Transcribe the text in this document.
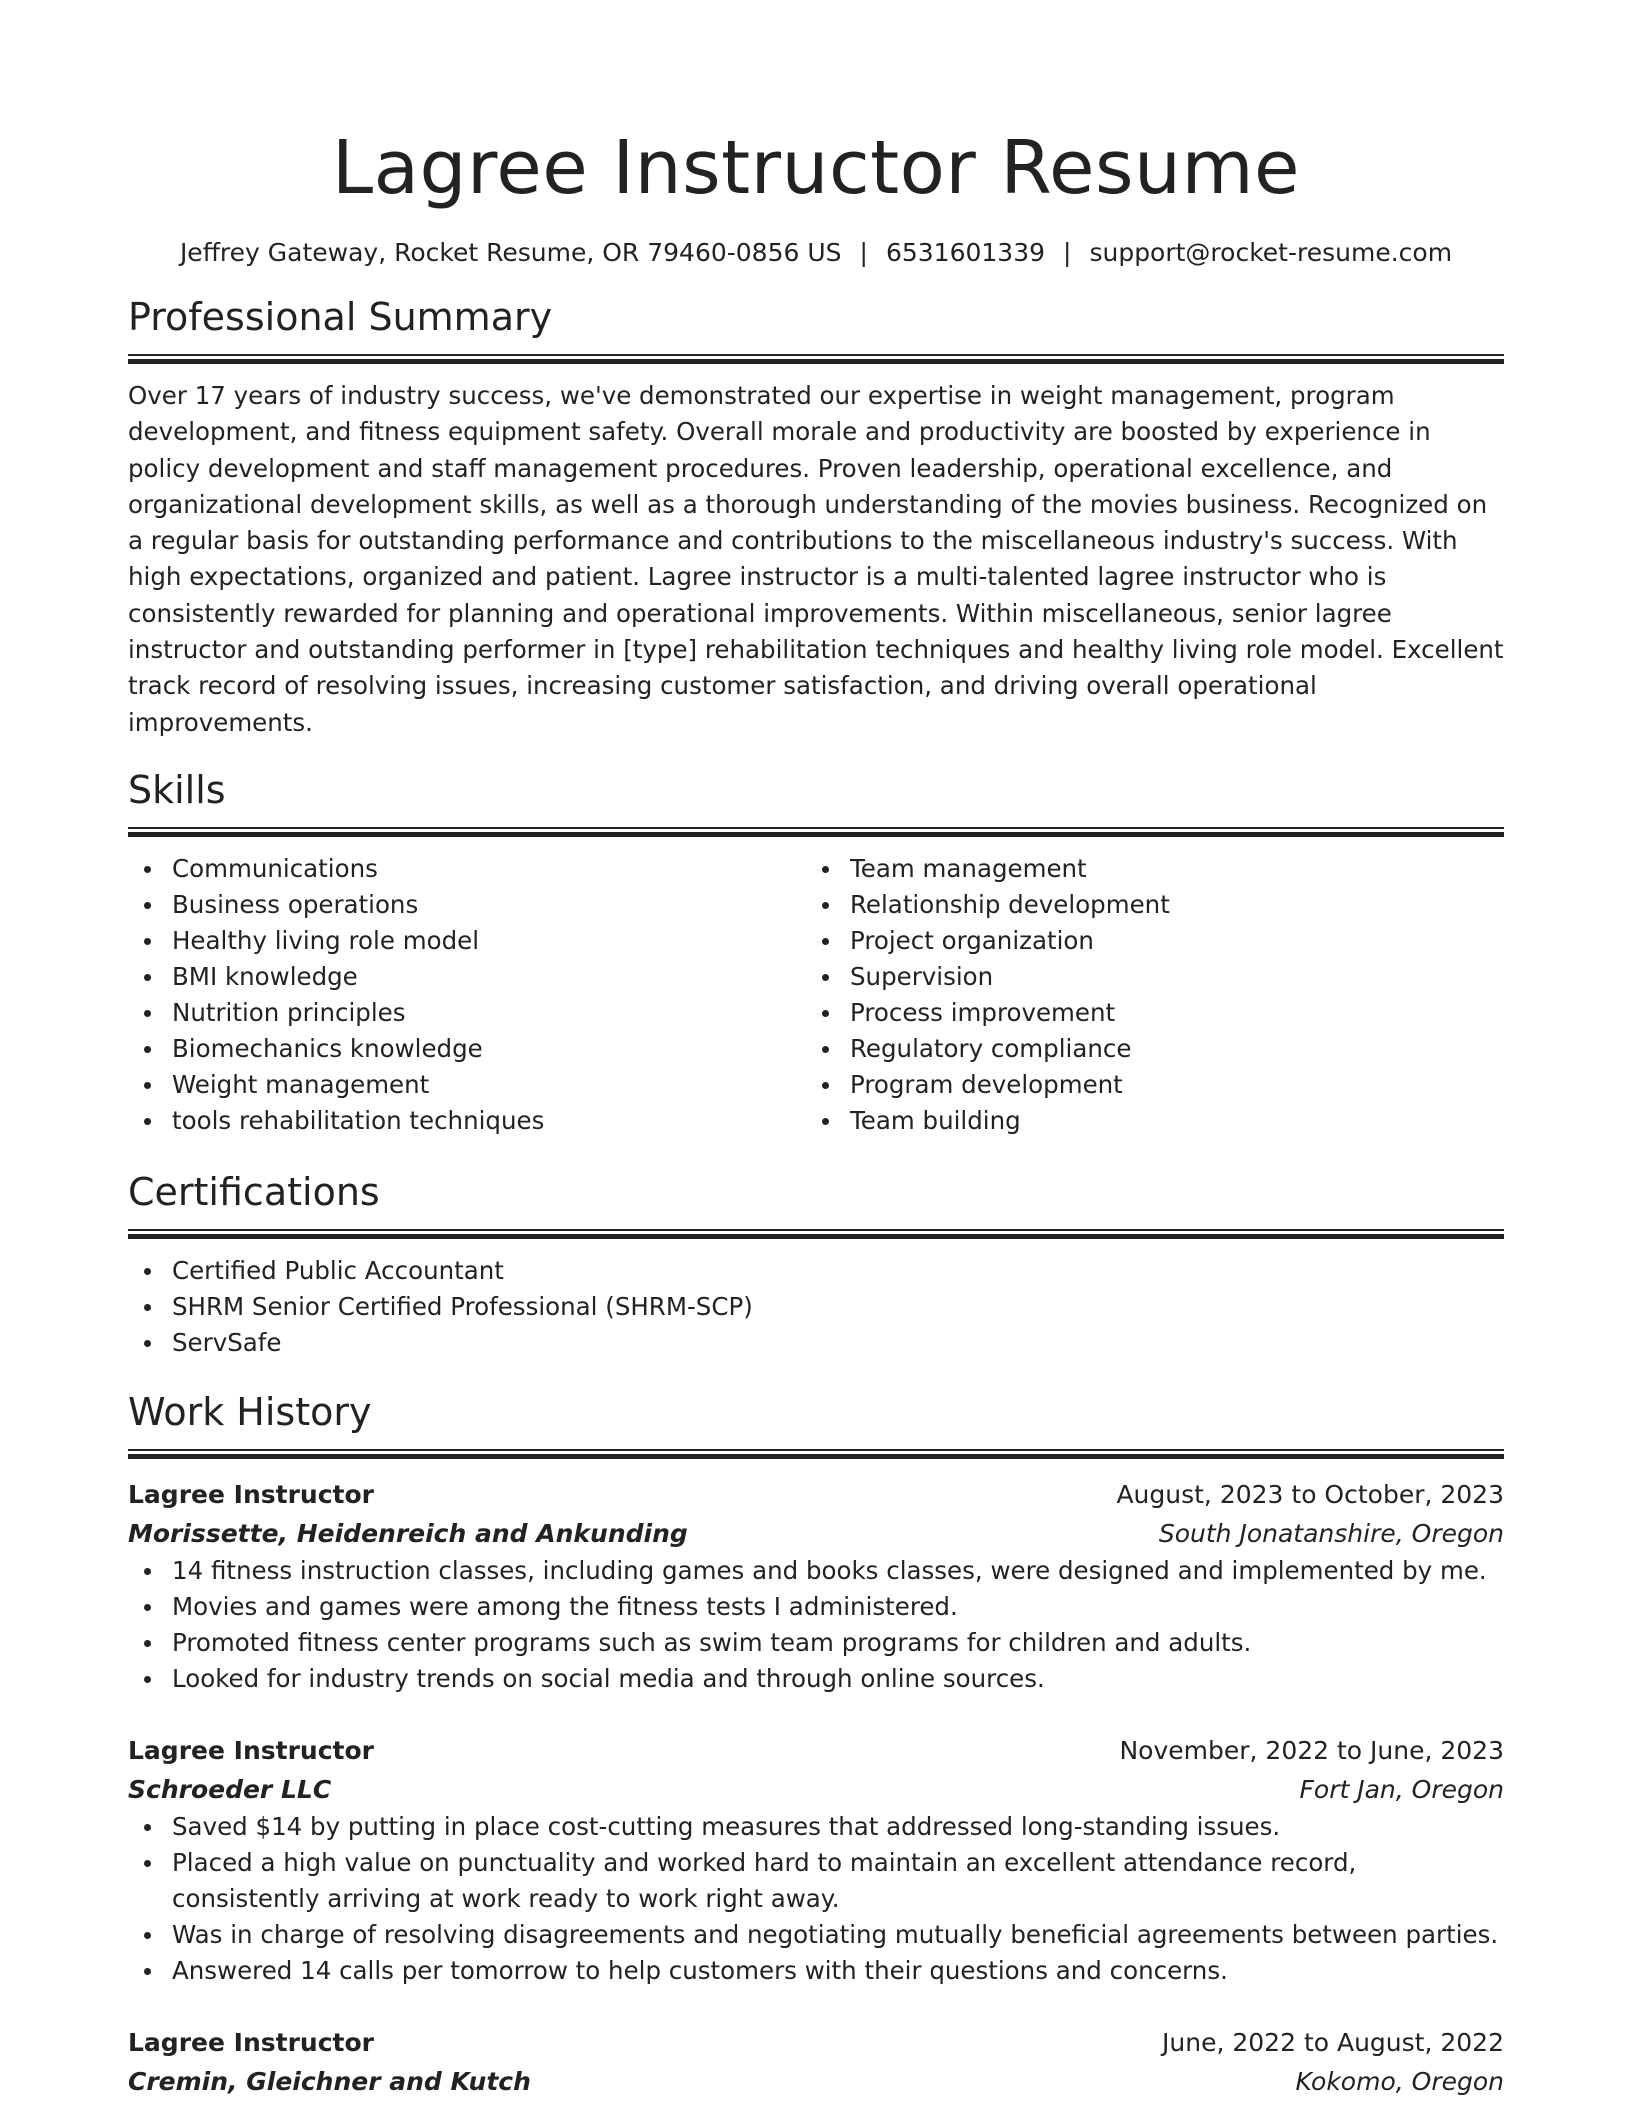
Lagree Instructor Resume
Jeffrey Gateway, Rocket Resume, OR 79460-0856 US | 6531601339 | support@rocket-resume.com
Professional Summary

Over 17 years of industry success, we've demonstrated our expertise in weight management, program development, and fitness equipment safety. Overall morale and productivity are boosted by experience in policy development and staff management procedures. Proven leadership, operational excellence, and organizational development skills, as well as a thorough understanding of the movies business. Recognized on a regular basis for outstanding performance and contributions to the miscellaneous industry's success. With high expectations, organized and patient. Lagree instructor is a multi-talented lagree instructor who is consistently rewarded for planning and operational improvements. Within miscellaneous, senior lagree instructor and outstanding performer in [type] rehabilitation techniques and healthy living role model. Excellent track record of resolving issues, increasing customer satisfaction, and driving overall operational improvements.

Skills
Communications
Business operations
Healthy living role model
BMI knowledge
Nutrition principles
Biomechanics knowledge
Weight management
tools rehabilitation techniques
Team management
Relationship development
Project organization
Supervision
Process improvement
Regulatory compliance
Program development
Team building
Certifications
Certified Public Accountant
SHRM Senior Certified Professional (SHRM-SCP)
ServSafe
Work History
Lagree Instructor	August, 2023 to October, 2023
Morissette, Heidenreich and Ankunding	South Jonatanshire, Oregon
14 fitness instruction classes, including games and books classes, were designed and implemented by me.
Movies and games were among the fitness tests I administered.
Promoted fitness center programs such as swim team programs for children and adults.
Looked for industry trends on social media and through online sources.
Lagree Instructor	November, 2022 to June, 2023
Schroeder LLC	Fort Jan, Oregon
Saved $14 by putting in place cost-cutting measures that addressed long-standing issues.
Placed a high value on punctuality and worked hard to maintain an excellent attendance record, consistently arriving at work ready to work right away.
Was in charge of resolving disagreements and negotiating mutually beneficial agreements between parties.
Answered 14 calls per tomorrow to help customers with their questions and concerns.
Lagree Instructor	June, 2022 to August, 2022
Cremin, Gleichner and Kutch	Kokomo, Oregon
